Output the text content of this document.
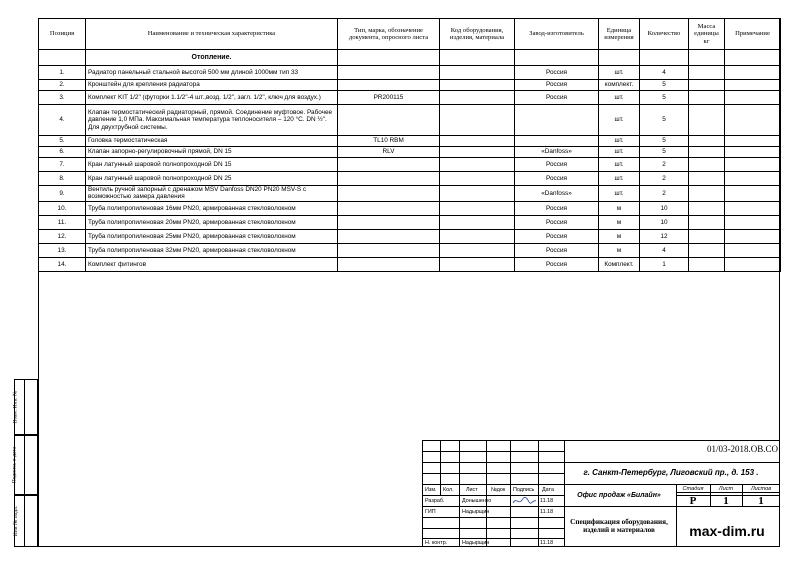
Позиция	Наименование и техническая характеристика	Тип, марка, обозначение документа, опросного листа	Код оборудования, изделия, материала	Завод-изготовитель	Единица измерения	Количество	Масса единицы кг	Примечание
	Отопление.							
1.	Радиатор панельный стальной высотой 500 мм длиной 1000мм тип 33			Россия	шт.	4		
2.	Кронштейн для крепления радиатора			Россия	комплект.	5		
3.	Комплект KIT 1/2" (футорки 1.1/2"-4 шт.,возд. 1/2", загл. 1/2", ключ для воздух.)	PR200115		Россия	шт.	5		
4.	Клапан термостатический радиаторный, прямой. Соединение муфтовое. Рабочее давление 1,0 МПа. Максимальная температура теплоносителя – 120 °С. DN ½". Для двухтрубной системы.				шт.	5		
5.	Головка термостатическая	TL10 RBM			шт.	5		
6.	Клапан запорно-регулировочный прямой, DN 15	RLV		«Danfoss»	шт.	5		
7.	Кран латунный шаровой полнопроходной DN 15			Россия	шт.	2		
8.	Кран латунный шаровой полнопроходной DN 25			Россия	шт.	2		
9.	Вентиль ручной запорный с дренажом MSV Danfoss DN20 PN20 MSV-S с возможностью замера давления			«Danfoss»	шт.	2		
10.	Труба полипропиленовая 16мм PN20, армированная стекловолокном			Россия	м	10		
11.	Труба полипропиленовая 20мм PN20, армированная стекловолокном			Россия	м	10		
12.	Труба полипропиленовая 25мм PN20, армированная стекловолокном			Россия	м	12		
13.	Труба полипропиленовая 32мм PN20, армированная стекловолокном			Россия	м	4		
14.	Комплект фитингов			Россия	Комплект.	1		
Взам. Инв. №
Подпись и дата
Инв № подл.
Изм. Кол. Лист №док Подпись Дата
Разраб.	Донышенко	11.18
ГИП	Надырщин	11.18
Н. контр.	Надырщин	11.18
01/03-2018.ОВ.СО
г. Санкт-Петербург, Лиговский пр., д. 153 .
Офис продаж «Билайн»
Спецификация оборудования, изделий и материалов	max-dim.ru
Стадия	Лист	Листов
Р	1	1
